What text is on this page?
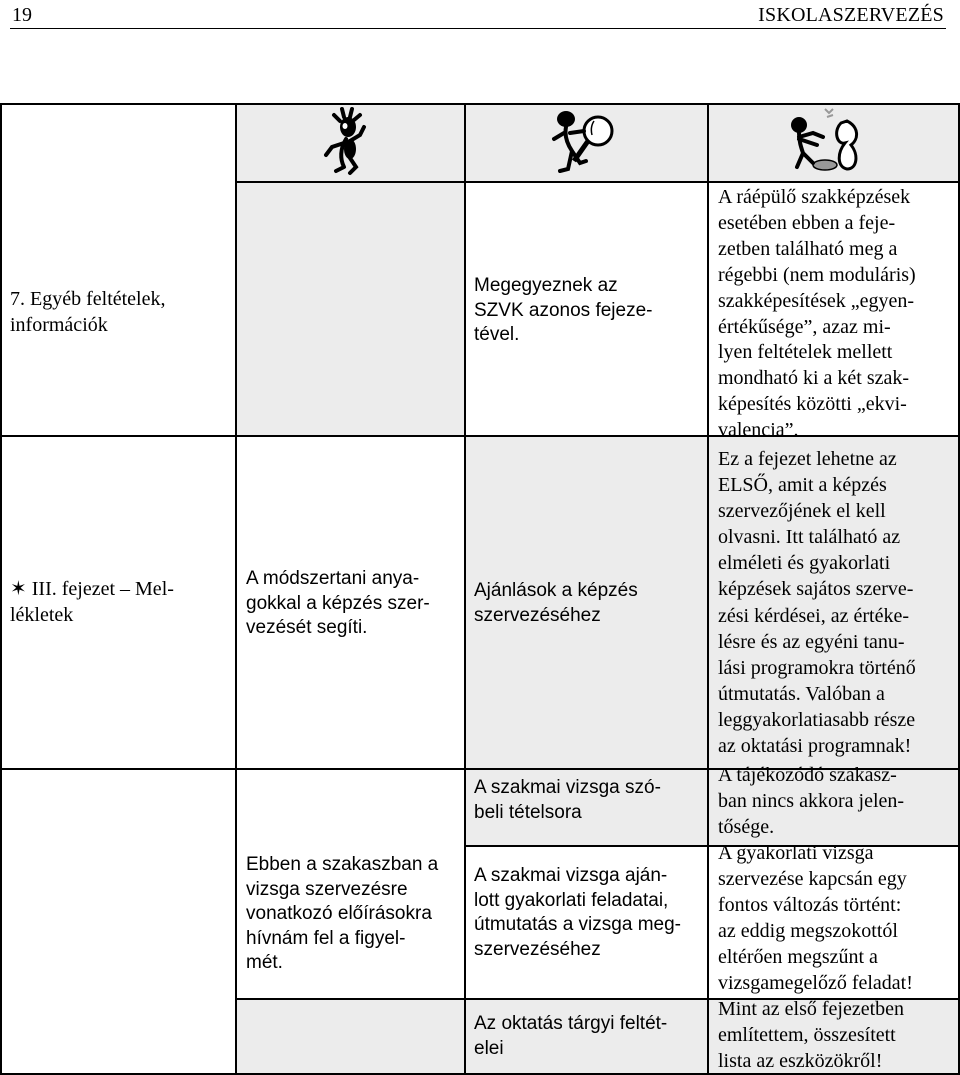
19	ISKOLASZERVEZÉS
7. Egyéb feltételek,
információk
✶ III. fejezet – Mel-
lékletek
A módszertani anya-
gokkal a képzés szer-
vezését segíti.
Ebben a szakaszban a
vizsga szervezésre
vonatkozó előírásokra
hívnám fel a figyel-
mét.
Megegyeznek az
SZVK azonos fejeze-
tével.
Ajánlások a képzés
szervezéséhez
A szakmai vizsga szó-
beli tételsora
A szakmai vizsga aján-
lott gyakorlati feladatai,
útmutatás a vizsga meg-
szervezéséhez
Az oktatás tárgyi feltét-
elei
A ráépülő szakképzések
esetében ebben a feje-
zetben található meg a
régebbi (nem moduláris)
szakképesítések „egyen-
értékűsége”, azaz mi-
lyen feltételek mellett
mondható ki a két szak-
képesítés közötti „ekvi-
valencia”.
Ez a fejezet lehetne az
ELSŐ, amit a képzés
szervezőjének el kell
olvasni. Itt található az
elméleti és gyakorlati
képzések sajátos szerve-
zési kérdései, az értéke-
lésre és az egyéni tanu-
lási programokra történő
útmutatás. Valóban a
leggyakorlatiasabb része
az oktatási programnak!
A tájékozódó szakasz-
ban nincs akkora jelen-
tősége.
A gyakorlati vizsga
szervezése kapcsán egy
fontos változás történt:
az eddig megszokottól
eltérően megszűnt a
vizsgamegelőző feladat!
Mint az első fejezetben
említettem, összesített
lista az eszközökről!
